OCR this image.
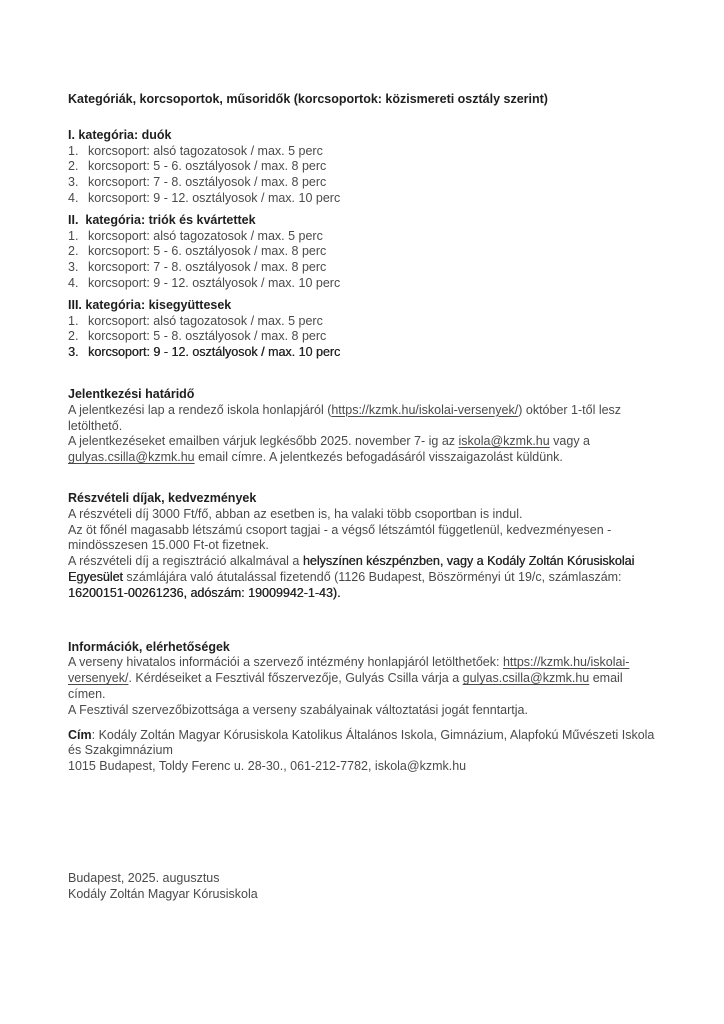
Kategóriák, korcsoportok, műsoridők (korcsoportok: közismereti osztály szerint)
I. kategória: duók
1. korcsoport: alsó tagozatosok / max. 5 perc
2. korcsoport: 5 - 6. osztályosok / max. 8 perc
3. korcsoport: 7 - 8. osztályosok / max. 8 perc
4. korcsoport: 9 - 12. osztályosok / max. 10 perc
II.  kategória: triók és kvártettek
1. korcsoport: alsó tagozatosok / max. 5 perc
2. korcsoport: 5 - 6. osztályosok / max. 8 perc
3. korcsoport: 7 - 8. osztályosok / max. 8 perc
4. korcsoport: 9 - 12. osztályosok / max. 10 perc
III. kategória: kisegyüttesek
1. korcsoport: alsó tagozatosok / max. 5 perc
2. korcsoport: 5 - 8. osztályosok / max. 8 perc
3. korcsoport: 9 - 12. osztályosok / max. 10 perc
Jelentkezési határidő

A jelentkezési lap a rendező iskola honlapjáról (https://kzmk.hu/iskolai-versenyek/) október 1-től lesz letölthető.

A jelentkezéseket emailben várjuk legkésőbb 2025. november 7- ig az iskola@kzmk.hu vagy a gulyas.csilla@kzmk.hu email címre. A jelentkezés befogadásáról visszaigazolást küldünk.

Részvételi díjak, kedvezmények

A részvételi díj 3000 Ft/fő, abban az esetben is, ha valaki több csoportban is indul.

Az öt főnél magasabb létszámú csoport tagjai - a végső létszámtól függetlenül, kedvezményesen - mindösszesen 15.000 Ft-ot fizetnek.

A részvételi díj a regisztráció alkalmával a helyszínen készpénzben, vagy a Kodály Zoltán Kórusiskolai Egyesület számlájára való átutalással fizetendő (1126 Budapest, Böszörményi út 19/c, számlaszám: 16200151-00261236, adószám: 19009942-1-43).

Információk, elérhetőségek

A verseny hivatalos információi a szervező intézmény honlapjáról letölthetőek: https://kzmk.hu/iskolai-versenyek/. Kérdéseiket a Fesztivál főszervezője, Gulyás Csilla várja a gulyas.csilla@kzmk.hu email címen.

A Fesztivál szervezőbizottsága a verseny szabályainak változtatási jogát fenntartja.

Cím: Kodály Zoltán Magyar Kórusiskola Katolikus Általános Iskola, Gimnázium, Alapfokú Művészeti Iskola és Szakgimnázium

1015 Budapest, Toldy Ferenc u. 28-30., 061-212-7782, iskola@kzmk.hu

Budapest, 2025. augusztus
Kodály Zoltán Magyar Kórusiskola
